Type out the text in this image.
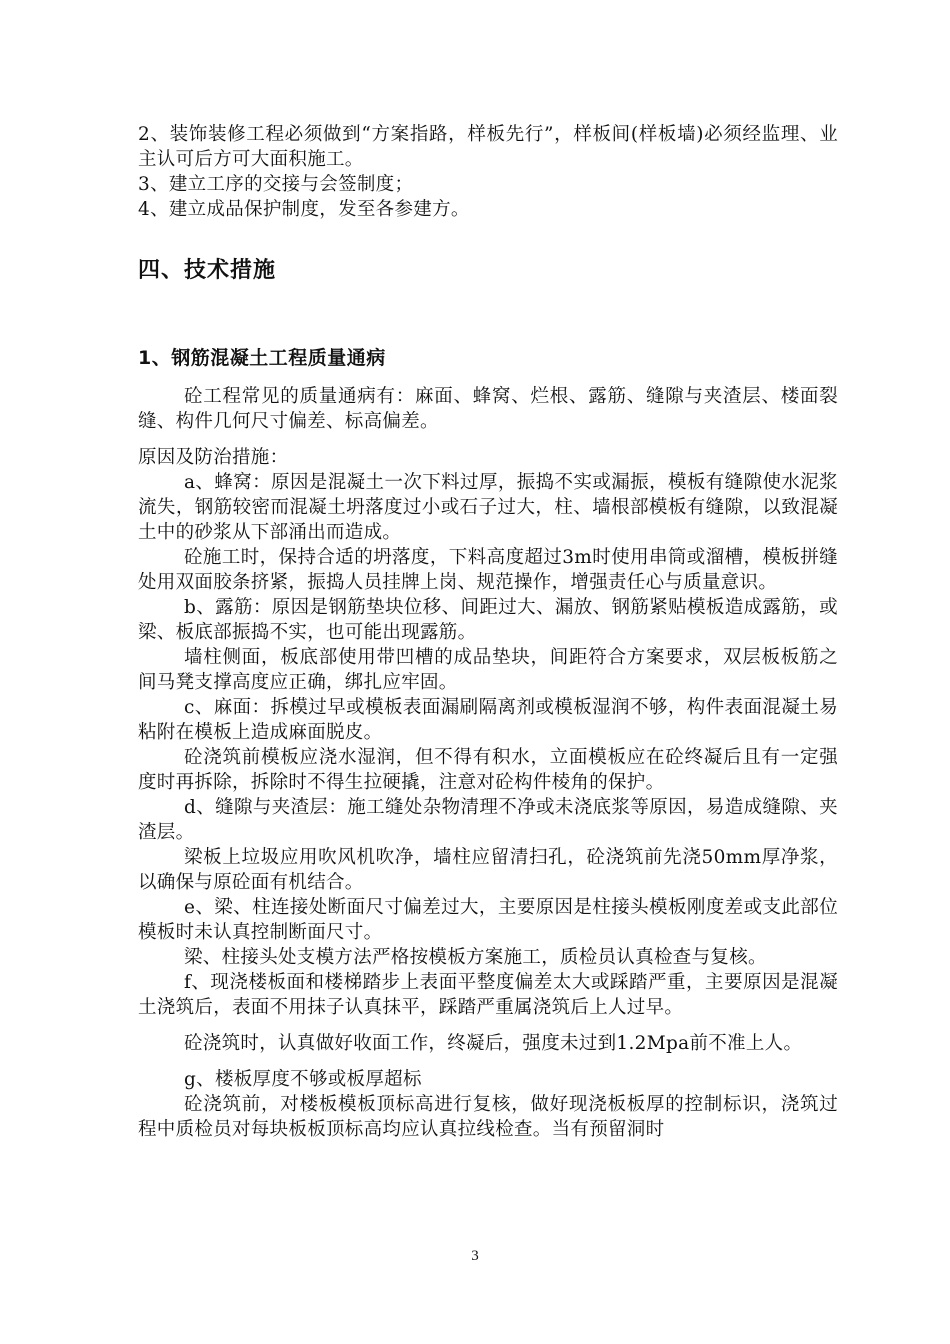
2、装饰装修工程必须做到“方案指路，样板先行”，样板间(样板墙)必须经监理、业主认可后方可大面积施工。

3、建立工序的交接与会签制度；

4、建立成品保护制度，发至各参建方。

四、技术措施
1、钢筋混凝土工程质量通病

砼工程常见的质量通病有：麻面、蜂窝、烂根、露筋、缝隙与夹渣层、楼面裂缝、构件几何尺寸偏差、标高偏差。

原因及防治措施：

a、蜂窝：原因是混凝土一次下料过厚，振捣不实或漏振，模板有缝隙使水泥浆流失，钢筋较密而混凝土坍落度过小或石子过大，柱、墙根部模板有缝隙，以致混凝土中的砂浆从下部涌出而造成。

砼施工时，保持合适的坍落度，下料高度超过3m时使用串筒或溜槽，模板拼缝处用双面胶条挤紧，振捣人员挂牌上岗、规范操作，增强责任心与质量意识。

b、露筋：原因是钢筋垫块位移、间距过大、漏放、钢筋紧贴模板造成露筋，或梁、板底部振捣不实，也可能出现露筋。

墙柱侧面，板底部使用带凹槽的成品垫块，间距符合方案要求，双层板板筋之间马凳支撑高度应正确，绑扎应牢固。

c、麻面：拆模过早或模板表面漏刷隔离剂或模板湿润不够，构件表面混凝土易粘附在模板上造成麻面脱皮。

砼浇筑前模板应浇水湿润，但不得有积水，立面模板应在砼终凝后且有一定强度时再拆除，拆除时不得生拉硬撬，注意对砼构件棱角的保护。

d、缝隙与夹渣层：施工缝处杂物清理不净或未浇底浆等原因，易造成缝隙、夹渣层。

梁板上垃圾应用吹风机吹净，墙柱应留清扫孔，砼浇筑前先浇50mm厚净浆，以确保与原砼面有机结合。

e、梁、柱连接处断面尺寸偏差过大，主要原因是柱接头模板刚度差或支此部位模板时未认真控制断面尺寸。

梁、柱接头处支模方法严格按模板方案施工，质检员认真检查与复核。

f、现浇楼板面和楼梯踏步上表面平整度偏差太大或踩踏严重，主要原因是混凝土浇筑后，表面不用抹子认真抹平，踩踏严重属浇筑后上人过早。

砼浇筑时，认真做好收面工作，终凝后，强度未过到1.2Mpa前不准上人。

g、楼板厚度不够或板厚超标

砼浇筑前，对楼板模板顶标高进行复核，做好现浇板板厚的控制标识，浇筑过程中质检员对每块板板顶标高均应认真拉线检查。当有预留洞时

3
